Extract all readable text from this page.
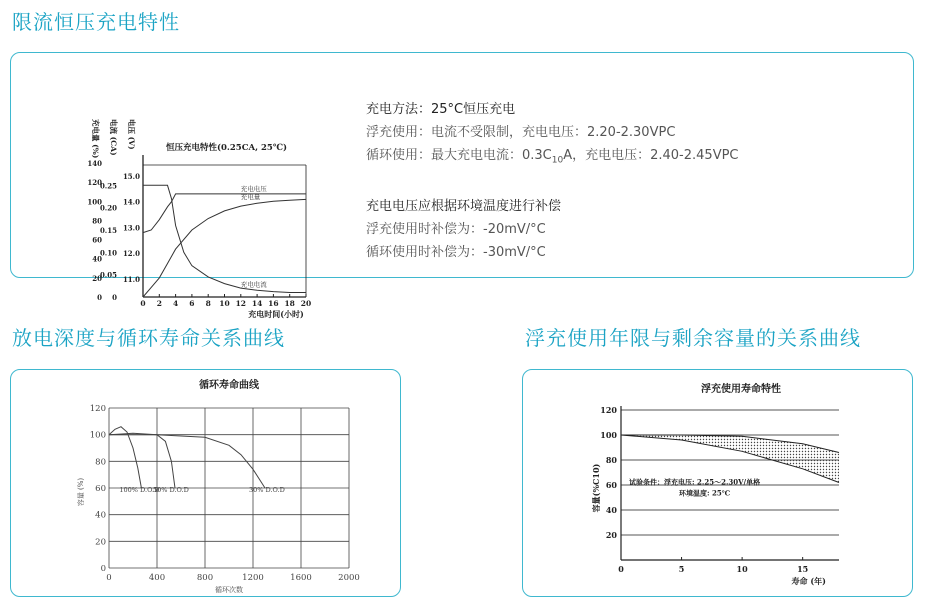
限流恒压充电特性
恒压充电特性(0.25CA, 25℃)
0 2 4 6 8 10 12 14 16 18 20
充电时间(小时)
0
20
40
60
80
100
120
140
0
0.05
0.10
0.15
0.20
0.25
11.0
12.0
13.0
14.0
15.0
充电量 (%) 电流 (CA) 电压 (V)
充电量
充电电压
充电电流
充电方法：25°C恒压充电
浮充使用：电流不受限制，充电电压：2.20-2.30VPC
循环使用：最大充电电流：$0.3C_{10}A$，充电电压：2.40-2.45VPC
充电电压应根据环境温度进行补偿
浮充使用时补偿为：-20mV/°C
循环使用时补偿为：-30mV/°C
放电深度与循环寿命关系曲线
循环寿命曲线
0	400	800	1200	1600	2000
0
20
40
60
80
100
120
容量 (%)
循环次数
100% D.O.D
50% D.O.D	30% D.O.D
浮充使用年限与剩余容量的关系曲线
浮充使用寿命特性
20
40
60
80
100
120
0	5	10	15
容量(%C10)
寿命 (年)
试验条件：浮充电压: 2.25～2.30V/单格
环境温度: 25℃
